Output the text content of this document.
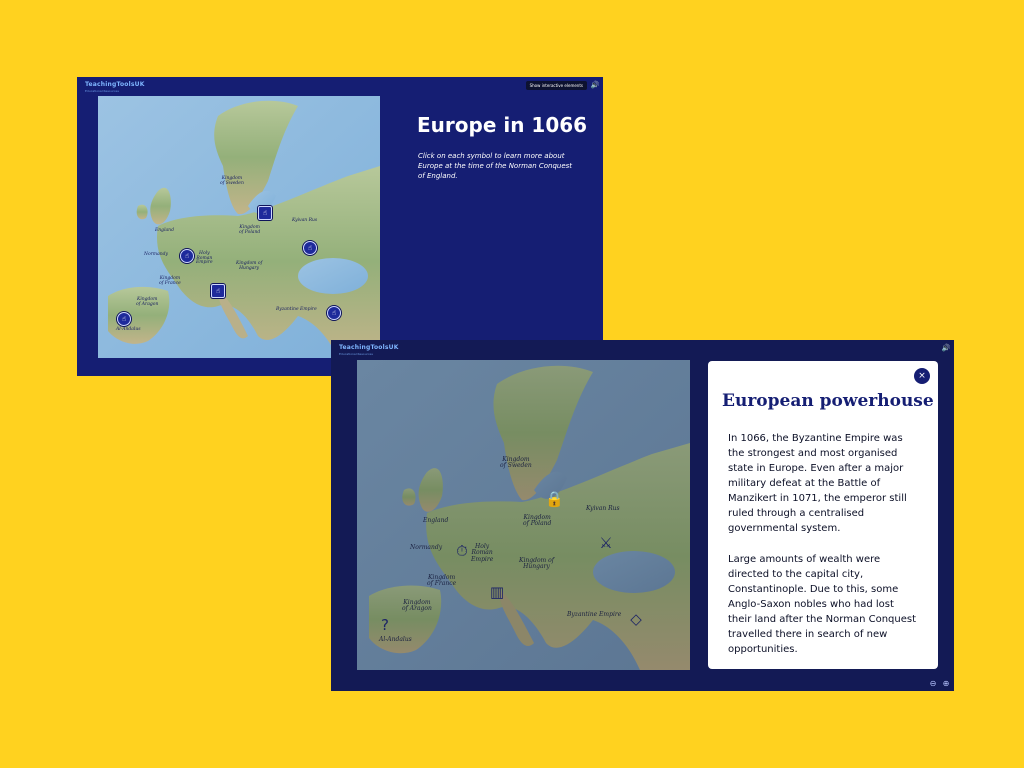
TeachingToolsUK
Educational Resources
Show interactive elements	🔊
Kingdom
of Sweden
England
Kyivan Rus
Kingdom
of Poland
Normandy	Holy
Roman
Empire	Kingdom of
Hungary
Kingdom
of France
Kingdom
of Aragon
Byzantine Empire
Al-Andalus
☝
☝
☝
☝
☝
☝
Europe in 1066
Click on each symbol to learn more about Europe at the time of the Norman Conquest of England.
TeachingToolsUK
Educational Resources
🔊
Kingdom
of Sweden
England
Kyivan Rus
Kingdom
of Poland
Normandy	Holy
Roman
Empire	Kingdom of
Hungary
Kingdom
of France
Kingdom
of Aragon
Byzantine Empire
Al-Andalus
🔒
⚔
⏱
▥
?	◇
×
European powerhouse

In 1066, the Byzantine Empire was the strongest and most organised state in Europe. Even after a major military defeat at the Battle of Manzikert in 1071, the emperor still ruled through a centralised governmental system.

Large amounts of wealth were directed to the capital city, Constantinople. Due to this, some Anglo-Saxon nobles who had lost their land after the Norman Conquest travelled there in search of new opportunities.

⊖ ⊕
